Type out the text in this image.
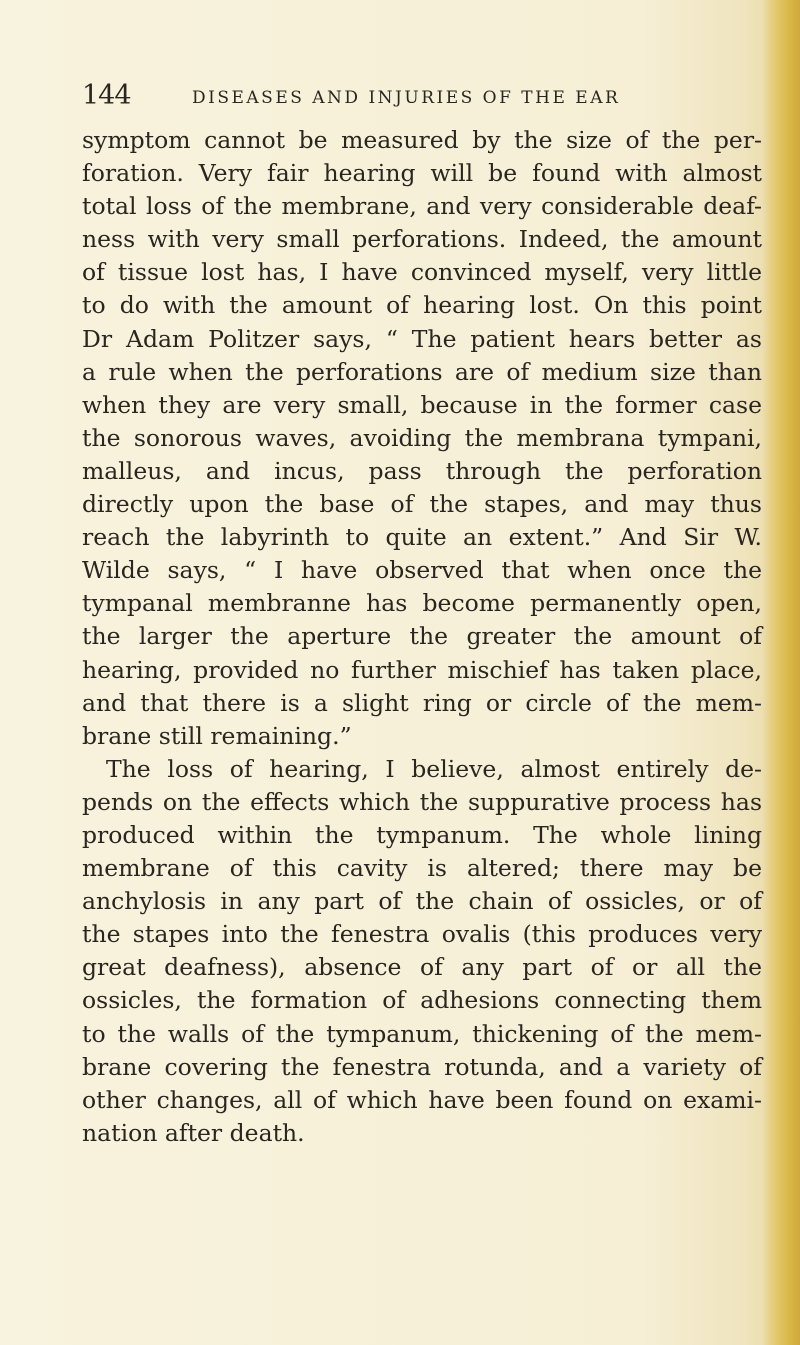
144	DISEASES AND INJURIES OF THE EAR
symptom cannot be measured by the size of the per-
foration. Very fair hearing will be found with almost
total loss of the membrane, and very considerable deaf-
ness with very small perforations. Indeed, the amount
of tissue lost has, I have convinced myself, very little
to do with the amount of hearing lost. On this point
Dr Adam Politzer says, “ The patient hears better as
a rule when the perforations are of medium size than
when they are very small, because in the former case
the sonorous waves, avoiding the membrana tympani,
malleus, and incus, pass through the perforation
directly upon the base of the stapes, and may thus
reach the labyrinth to quite an extent.” And Sir W.
Wilde says, “ I have observed that when once the
tympanal membranne has become permanently open,
the larger the aperture the greater the amount of
hearing, provided no further mischief has taken place,
and that there is a slight ring or circle of the mem-
brane still remaining.”
The loss of hearing, I believe, almost entirely de-
pends on the effects which the suppurative process has
produced within the tympanum. The whole lining
membrane of this cavity is altered; there may be
anchylosis in any part of the chain of ossicles, or of
the stapes into the fenestra ovalis (this produces very
great deafness), absence of any part of or all the
ossicles, the formation of adhesions connecting them
to the walls of the tympanum, thickening of the mem-
brane covering the fenestra rotunda, and a variety of
other changes, all of which have been found on exami-
nation after death.
